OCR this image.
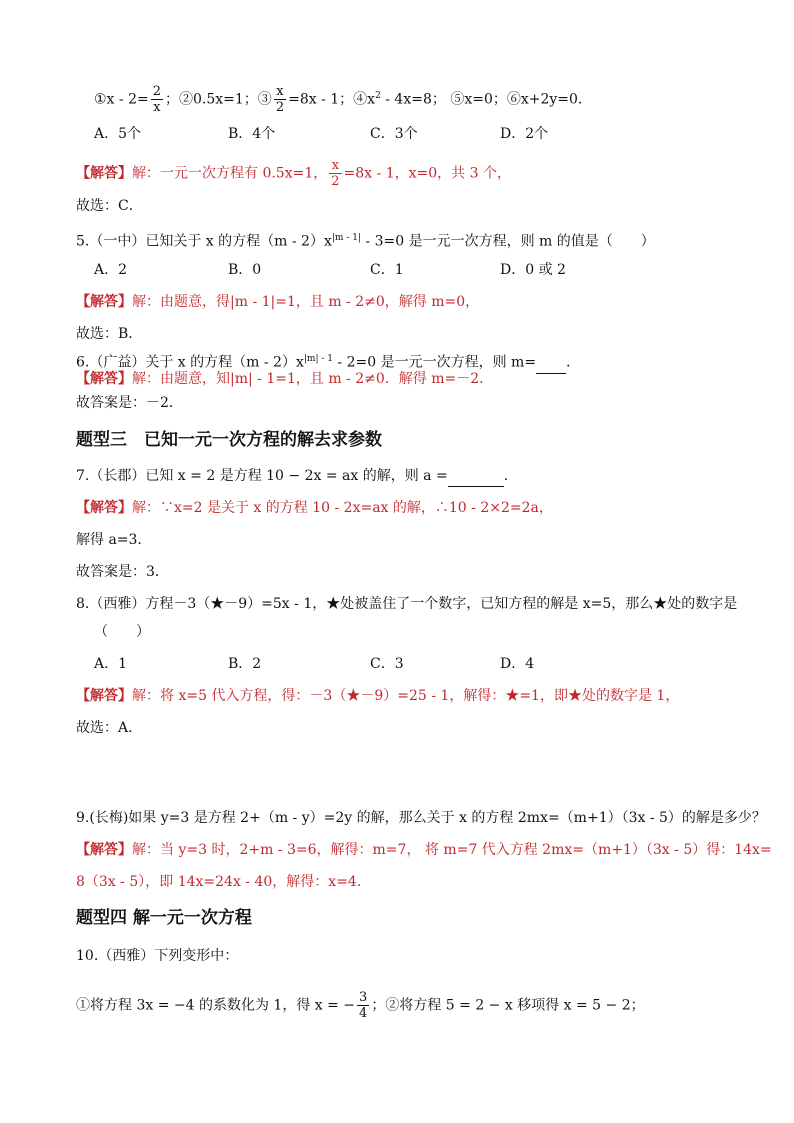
①x - $2= \frac{2}{x}$ ；②0.5x=1；③ $\frac{x}{2} =8x - 1$；$④x^2 - 4x=8$； ⑤x=0；⑥x+2y=0．
A．5个	B．4个	C．3个	D．2个
【解答】解：一元一次方程有 0.5x=1， $\frac{x}{2} =8x - 1$，x=0，共 3 个，
故选：C．
5.（一中）已知关于 x 的方程$(m - 2)x^{|m - 1|} - 3=0$ 是一元一次方程，则 m 的值是（　　）
A．2	B．0	C．1	D．0 或 2
【解答】解：由题意，得|m - 1|=1，且 m - 2≠0，解得 m=0，
故选：B．
6.（广益）关于 x 的方程$(m - 2)x^{|m| - 1} - 2=0$ 是一元一次方程，则 m= ．
【解答】解：由题意，知|m| - 1=1，且 m - 2≠0．解得 m=－2．
故答案是：－2．
题型三　已知一元一次方程的解去求参数
7.（长郡）已知 x = 2 是方程 10 − 2x = ax 的解，则 a =	．
【解答】解：∵x=2 是关于 x 的方程 10 - 2x=ax 的解，∴10 - 2×2=2a，
解得 a=3．
故答案是：3．
8.（西雅）方程－3（★－9）=5x - 1，★处被盖住了一个数字，已知方程的解是 x=5，那么★处的数字是
（　　）
A．1	B．2	C．3	D．4
【解答】解：将 x=5 代入方程，得：－3（★－9）=25 - 1，解得：★=1，即★处的数字是 1，
故选：A．
9.(长梅)如果 y=3 是方程 2+（m - y）=2y 的解，那么关于 x 的方程 2mx=（m+1）（3x - 5）的解是多少？
【解答】解：当 y=3 时，2+m - 3=6，解得：m=7， 将 m=7 代入方程 2mx=（m+1）（3x - 5）得：14x=
8（3x - 5），即 14x=24x - 40，解得：x=4．
题型四 解一元一次方程
10.（西雅）下列变形中：
①将方程 3x = −4 的系数化为 1，得 x = − $\frac{3}{4}$ ；②将方程 5 = 2 − x 移项得 x = 5 − 2；
